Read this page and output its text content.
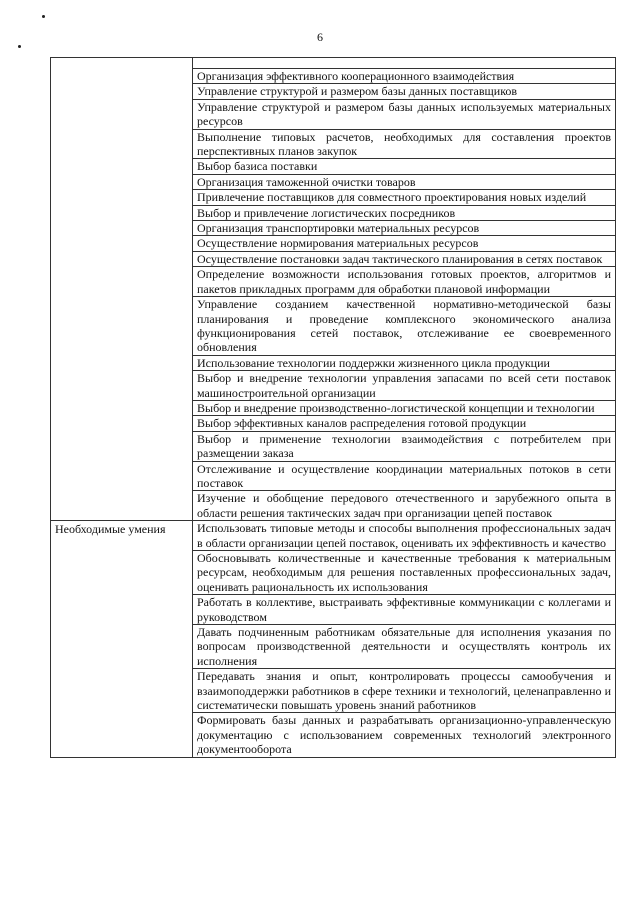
6

	Организация эффективного кооперационного взаимодействия
	Управление структурой и размером базы данных поставщиков
	Управление структурой и размером базы данных используемых материальных ресурсов
	Выполнение типовых расчетов, необходимых для составления проектов перспективных планов закупок
	Выбор базиса поставки
	Организация таможенной очистки товаров
	Привлечение поставщиков для совместного проектирования новых изделий
	Выбор и привлечение логистических посредников
	Организация транспортировки материальных ресурсов
	Осуществление нормирования материальных ресурсов
	Осуществление постановки задач тактического планирования в сетях поставок
	Определение возможности использования готовых проектов, алгоритмов и пакетов прикладных программ для обработки плановой информации
	Управление созданием качественной нормативно-методической базы планирования и проведение комплексного экономического анализа функционирования сетей поставок, отслеживание ее своевременного обновления
	Использование технологии поддержки жизненного цикла продукции
	Выбор и внедрение технологии управления запасами по всей сети поставок машиностроительной организации
	Выбор и внедрение производственно-логистической концепции и технологии
	Выбор эффективных каналов распределения готовой продукции
	Выбор и применение технологии взаимодействия с потребителем при размещении заказа
	Отслеживание и осуществление координации материальных потоков в сети поставок
	Изучение и обобщение передового отечественного и зарубежного опыта в области решения тактических задач при организации цепей поставок
Необходимые умения	Использовать типовые методы и способы выполнения профессиональных задач в области организации цепей поставок, оценивать их эффективность и качество
	Обосновывать количественные и качественные требования к материальным ресурсам, необходимым для решения поставленных профессиональных задач, оценивать рациональность их использования
	Работать в коллективе, выстраивать эффективные коммуникации с коллегами и руководством
	Давать подчиненным работникам обязательные для исполнения указания по вопросам производственной деятельности и осуществлять контроль их исполнения
	Передавать знания и опыт, контролировать процессы самообучения и взаимоподдержки работников в сфере техники и технологий, целенаправленно и систематически повышать уровень знаний работников
	Формировать базы данных и разрабатывать организационно-управленческую документацию с использованием современных технологий электронного документооборота
